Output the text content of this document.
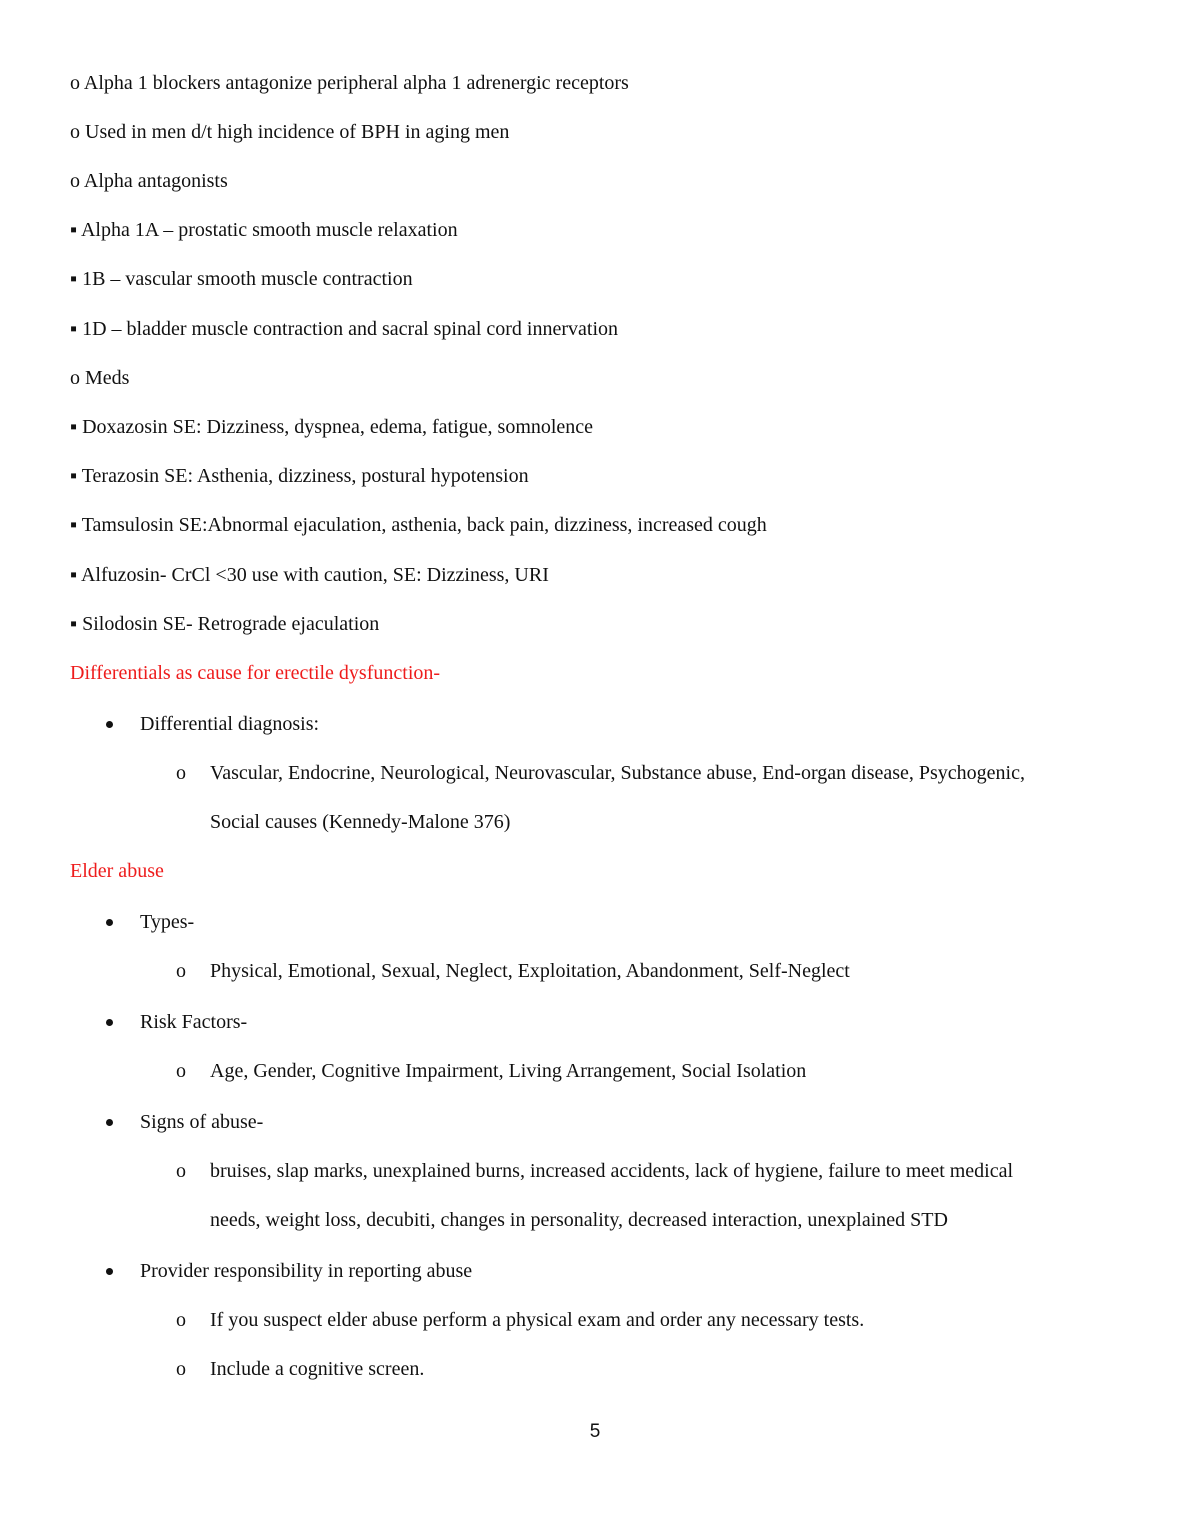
o Alpha 1 blockers antagonize peripheral alpha 1 adrenergic receptors
o Used in men d/t high incidence of BPH in aging men
o Alpha antagonists
▪ Alpha 1A – prostatic smooth muscle relaxation
▪ 1B – vascular smooth muscle contraction
▪ 1D – bladder muscle contraction and sacral spinal cord innervation
o Meds
▪ Doxazosin SE: Dizziness, dyspnea, edema, fatigue, somnolence
▪ Terazosin SE: Asthenia, dizziness, postural hypotension
▪ Tamsulosin SE:Abnormal ejaculation, asthenia, back pain, dizziness, increased cough
▪ Alfuzosin- CrCl <30 use with caution, SE: Dizziness, URI
▪ Silodosin SE- Retrograde ejaculation
Differentials as cause for erectile dysfunction-
Differential diagnosis:
o Vascular, Endocrine, Neurological, Neurovascular, Substance abuse, End-organ disease, Psychogenic,
Social causes (Kennedy-Malone 376)
Elder abuse
Types-
o Physical, Emotional, Sexual, Neglect, Exploitation, Abandonment, Self-Neglect
Risk Factors-
o Age, Gender, Cognitive Impairment, Living Arrangement, Social Isolation
Signs of abuse-
o bruises, slap marks, unexplained burns, increased accidents, lack of hygiene, failure to meet medical
needs, weight loss, decubiti, changes in personality, decreased interaction, unexplained STD
Provider responsibility in reporting abuse
o If you suspect elder abuse perform a physical exam and order any necessary tests.
o Include a cognitive screen.
5
